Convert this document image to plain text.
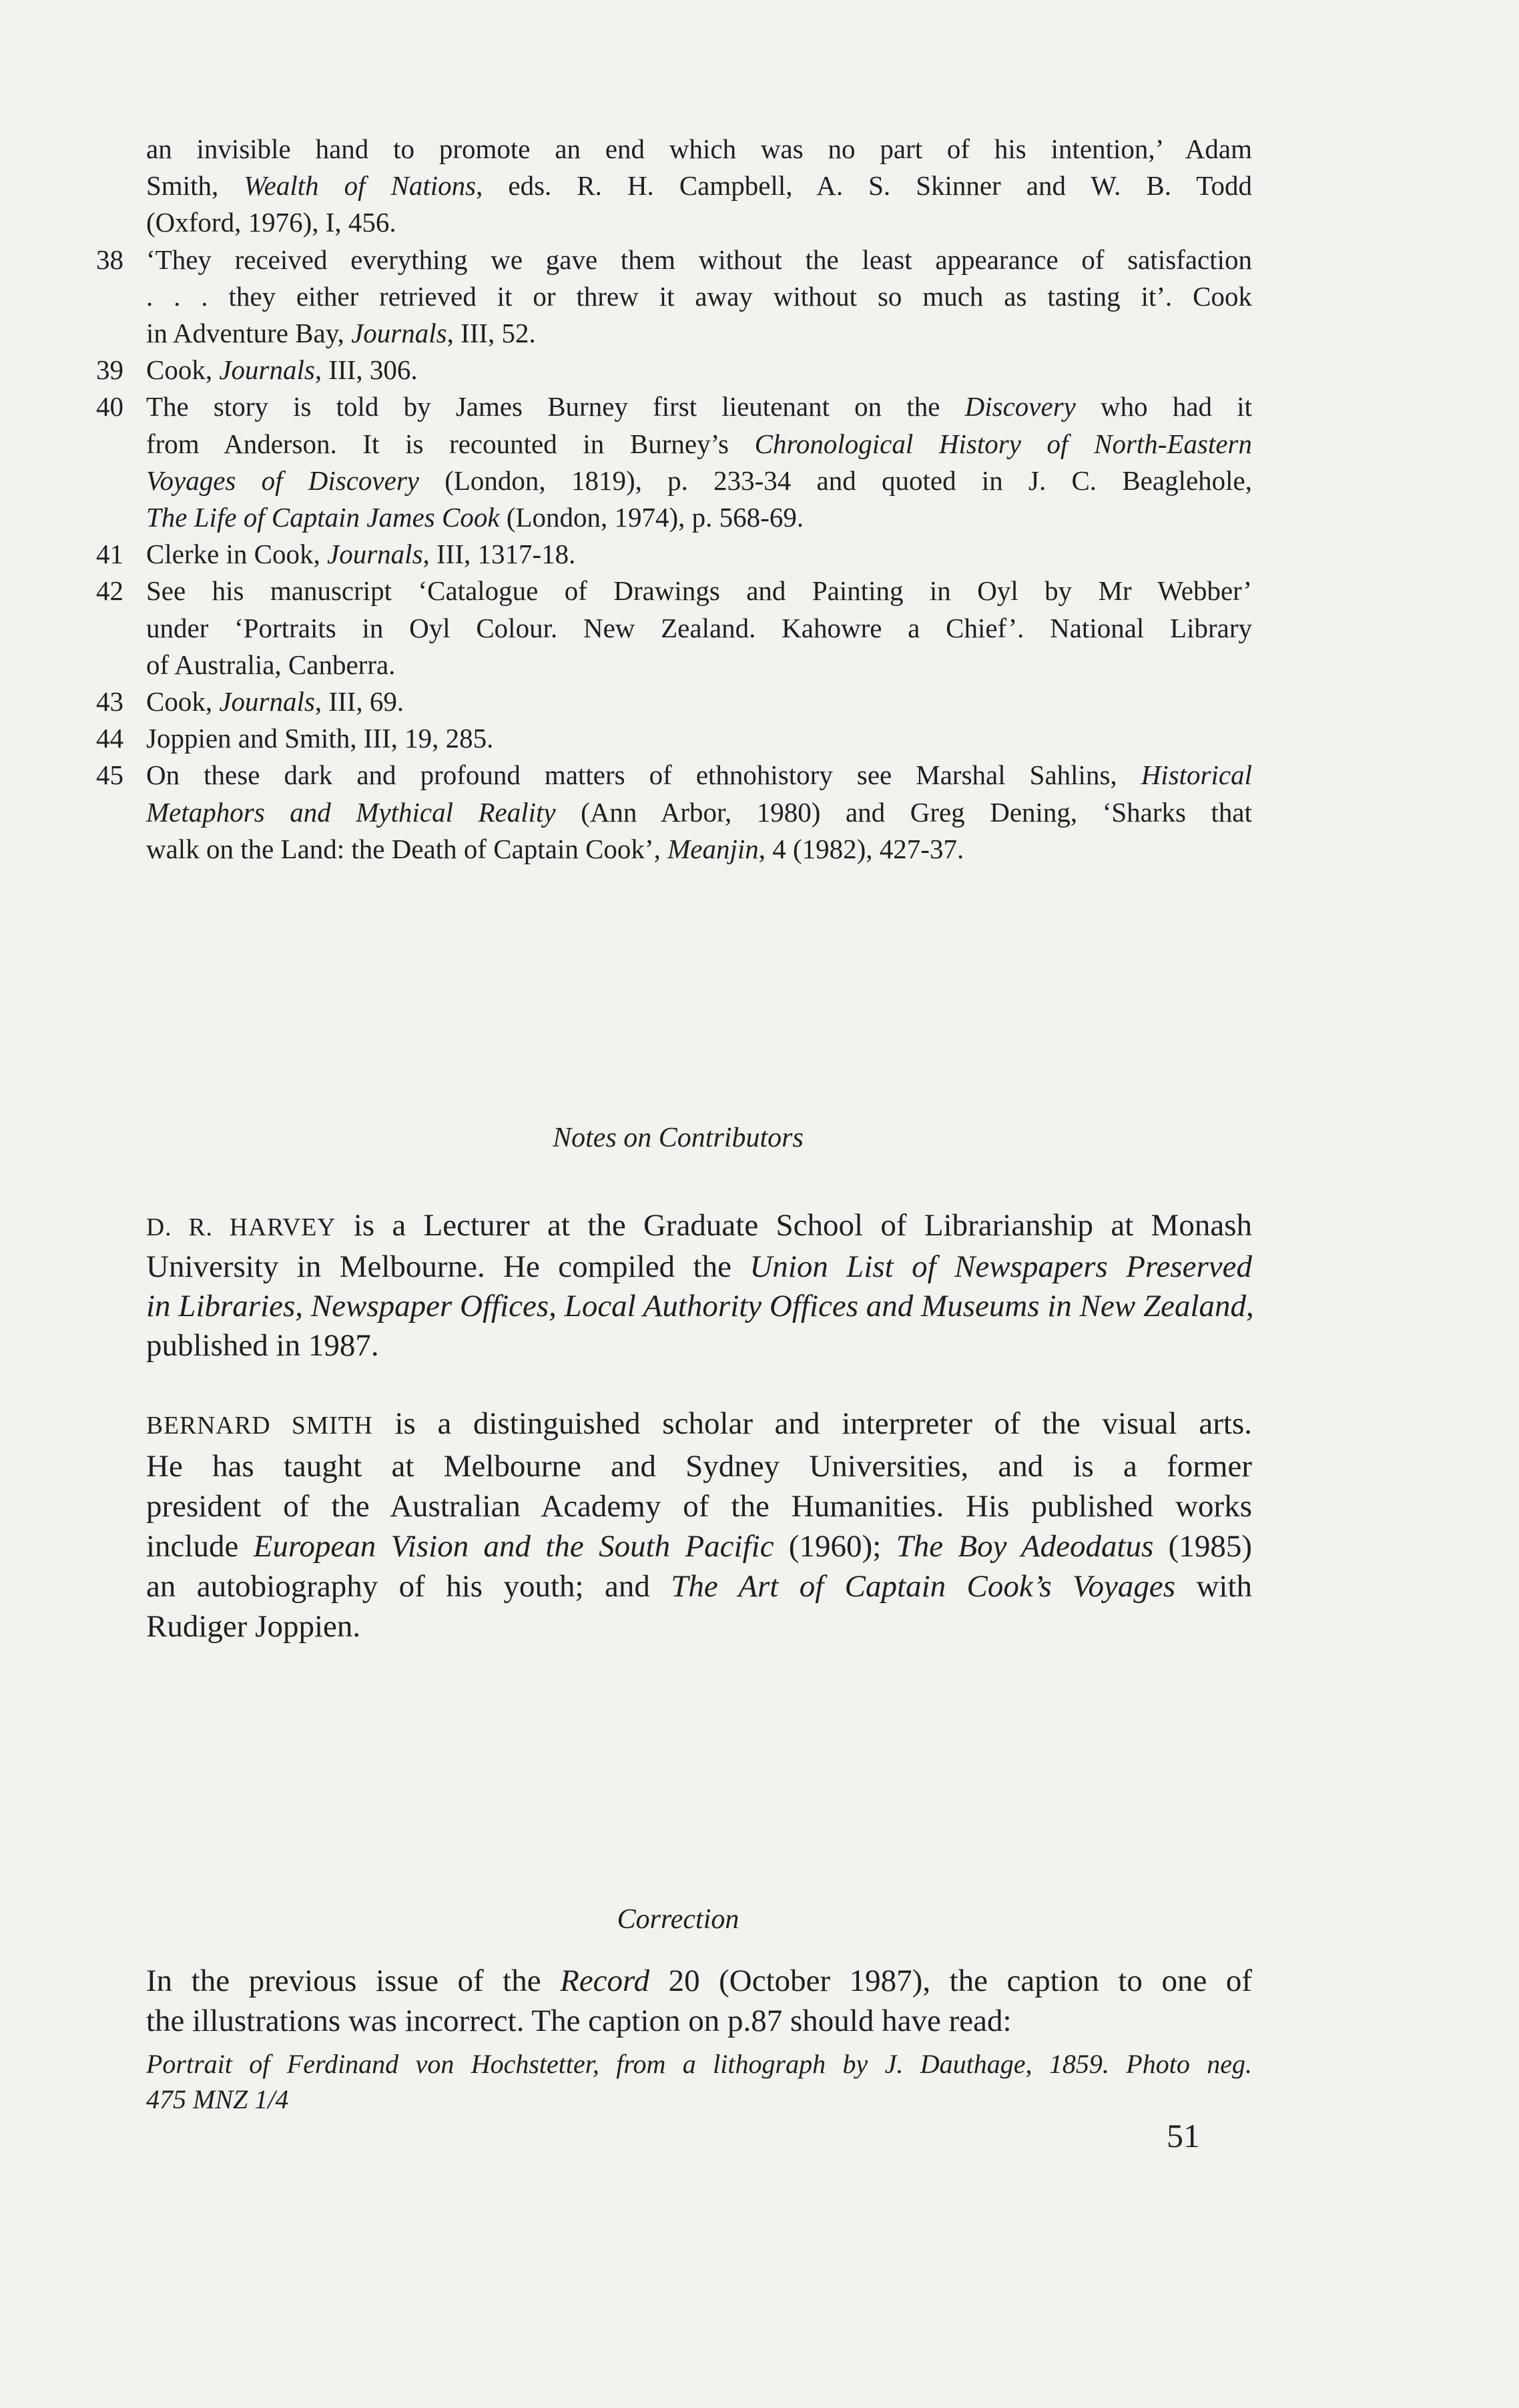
an invisible hand to promote an end which was no part of his intention,’ Adam
Smith, Wealth of Nations, eds. R. H. Campbell, A. S. Skinner and W. B. Todd
(Oxford, 1976), I, 456.
38 ‘They received everything we gave them without the least appearance of satisfaction
. . . they either retrieved it or threw it away without so much as tasting it’. Cook
in Adventure Bay, Journals, III, 52.
39 Cook, Journals, III, 306.
40 The story is told by James Burney first lieutenant on the Discovery who had it
from Anderson. It is recounted in Burney’s Chronological History of North-Eastern
Voyages of Discovery (London, 1819), p. 233-34 and quoted in J. C. Beaglehole,
The Life of Captain James Cook (London, 1974), p. 568-69.
41 Clerke in Cook, Journals, III, 1317-18.
42 See his manuscript ‘Catalogue of Drawings and Painting in Oyl by Mr Webber’
under ‘Portraits in Oyl Colour. New Zealand. Kahowre a Chief’. National Library
of Australia, Canberra.
43 Cook, Journals, III, 69.
44 Joppien and Smith, III, 19, 285.
45 On these dark and profound matters of ethnohistory see Marshal Sahlins, Historical
Metaphors and Mythical Reality (Ann Arbor, 1980) and Greg Dening, ‘Sharks that
walk on the Land: the Death of Captain Cook’, Meanjin, 4 (1982), 427-37.
Notes on Contributors
D. R. HARVEY is a Lecturer at the Graduate School of Librarianship at Monash
University in Melbourne. He compiled the Union List of Newspapers Preserved
in Libraries, Newspaper Offices, Local Authority Offices and Museums in New Zealand,
published in 1987.
BERNARD SMITH is a distinguished scholar and interpreter of the visual arts.
He has taught at Melbourne and Sydney Universities, and is a former
president of the Australian Academy of the Humanities. His published works
include European Vision and the South Pacific (1960); The Boy Adeodatus (1985)
an autobiography of his youth; and The Art of Captain Cook’s Voyages with
Rudiger Joppien.
Correction
In the previous issue of the Record 20 (October 1987), the caption to one of
the illustrations was incorrect. The caption on p.87 should have read:
Portrait of Ferdinand von Hochstetter, from a lithograph by J. Dauthage, 1859. Photo neg.
475 MNZ 1/4
51
